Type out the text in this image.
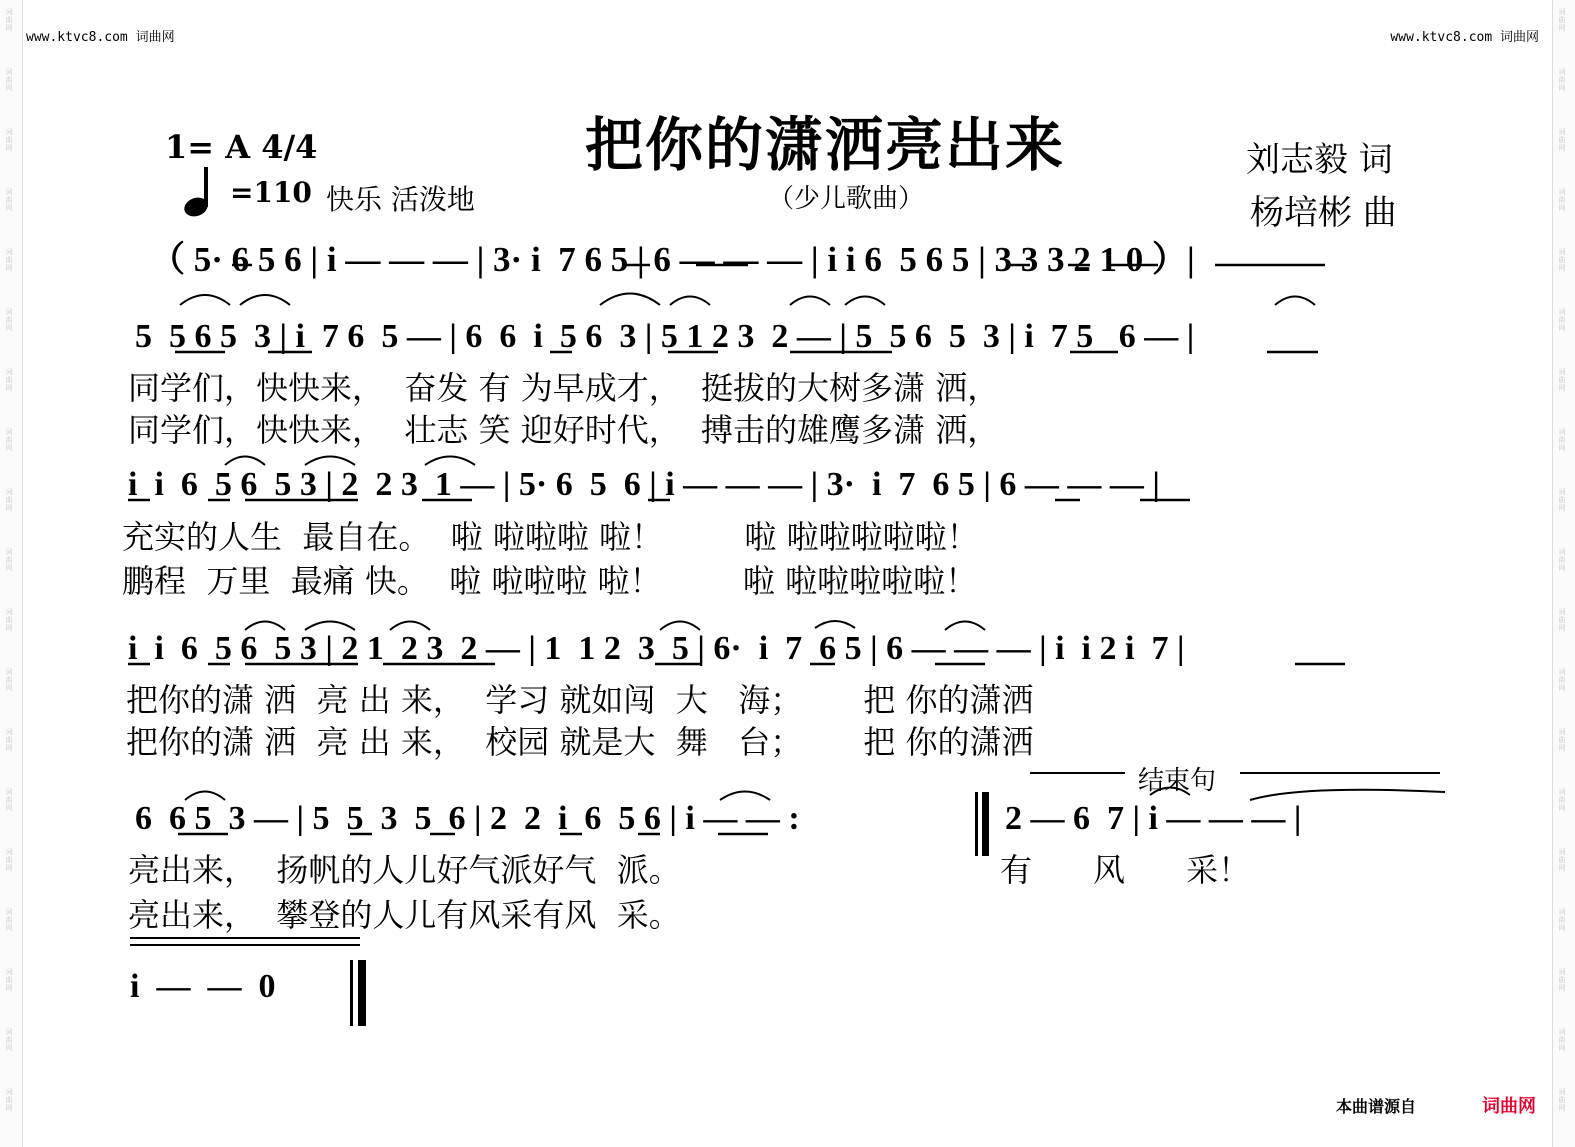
词
曲
网
词
曲
网
词
曲
网
词
曲
网
词
曲
网
词
曲
网
词
曲
网
词
曲
网
词
曲
网
词
曲
网
词
曲
网
词
曲
网
词
曲
网
词
曲
网
词
曲
网
词
曲
网
词
曲
网
词
曲
网
词
曲
网
词
曲
网
词
曲
网
词
曲
网
词
曲
网
词
曲
网
词
曲
网
词
曲
网
词
曲
网
词
曲
网
词
曲
网
词
曲
网
词
曲
网
词
曲
网
词
曲
网
词
曲
网
词
曲
网
词
曲
网
词
曲
网
词
曲
网
www.ktvc8.com 词曲网	www.ktvc8.com 词曲网
把你的潇洒亮出来
（少儿歌曲）
1= A 4/4
=110 快乐 活泼地
刘志毅 词
杨培彬 曲
（ 5· 6 5 6 | i — — — | 3· i  7 6 5 | 6 — — — | i i 6  5 6 5 | 3 3 3 2 1 0 ）|
5  5 6 5  3 | i  7 6  5 — | 6  6  i  5 6  3 | 5 1 2 3  2 — | 5  5 6  5  3 | i  7 5   6 — |
同学们，快快来，  奋发 有 为早成才，  挺拔的大树多潇 洒，
同学们，快快来，  壮志 笑 迎好时代，  搏击的雄鹰多潇 洒，
i  i  6  5 6  5 3 | 2  2 3  1 — | 5· 6  5  6 | i — — — | 3·  i  7  6 5 | 6 — — — |
充实的人生  最自在。  啦 啦啦啦 啦！        啦 啦啦啦啦啦！
鹏程  万里  最痛 快。  啦 啦啦啦 啦！        啦 啦啦啦啦啦！
i  i  6  5 6  5 3 | 2 1  2 3  2 — | 1  1 2  3  5 | 6·  i  7  6 5 | 6 — — — | i  i 2 i  7 |
把你的潇 洒  亮 出 来，  学习 就如闯  大   海；      把 你的潇洒
把你的潇 洒  亮 出 来，  校园 就是大  舞   台；      把 你的潇洒
结束句
6  6 5  3 — | 5  5  3  5  6 | 2  2  i  6  5 6 | i — — :	2 — 6  7 | i — — — |
亮出来，  扬帆的人儿好气派好气  派。	有      风      采！
亮出来，  攀登的人儿有风采有风  采。
i  —  —  0
本曲谱源自	词曲网
